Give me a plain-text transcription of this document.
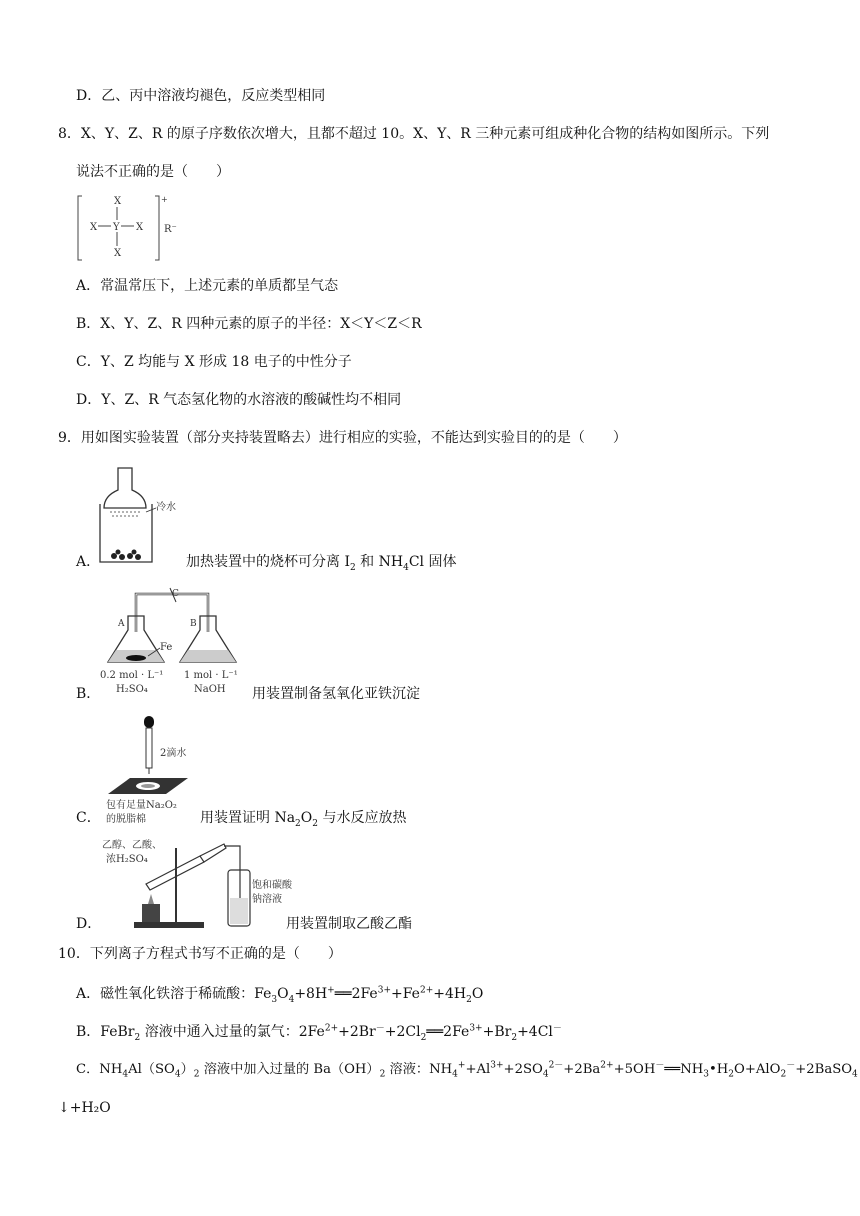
D．乙、丙中溶液均褪色，反应类型相同
8．X、Y、Z、R 的原子序数依次增大，且都不超过 10。X、Y、R 三种元素可组成种化合物的结构如图所示。下列
说法不正确的是（　　）
X
X Y X
X
+
R⁻
A．常温常压下，上述元素的单质都呈气态
B．X、Y、Z、R 四种元素的原子的半径：X＜Y＜Z＜R
C．Y、Z 均能与 X 形成 18 电子的中性分子
D．Y、Z、R 气态氢化物的水溶液的酸碱性均不相同
9．用如图实验装置（部分夹持装置略去）进行相应的实验，不能达到实验目的的是（　　）
冷水
A．	加热装置中的烧杯可分离 $I_2$ 和 $NH_4Cl$ 固体
C
A
Fe
B
0.2 mol · L⁻¹
H₂SO₄
1 mol · L⁻¹
NaOH
B．	用装置制备氢氧化亚铁沉淀
2滴水
包有足量Na₂O₂
的脱脂棉
C．	用装置证明 $Na_2O_2$ 与水反应放热
乙醇、乙酸、
浓H₂SO₄
饱和碳酸
钠溶液
D．	用装置制取乙酸乙酯
10．下列离子方程式书写不正确的是（　　）
A．磁性氧化铁溶于稀硫酸：$Fe_3O_4+8H^+══2Fe^{3+}+Fe^{2+}+4H_2O$
B．FeBr$_2$ 溶液中通入过量的氯气：$2Fe^{2+}+2Br^-+2Cl_2══2Fe^{3+}+Br_2+4Cl^-$
C．$NH_4Al(SO_4)_2$ 溶液中加入过量的 $Ba(OH)_2$ 溶液：$NH_4^++Al^{3+}+2SO_4^{2-}+2Ba^{2+}+5OH^-══NH_3•H_2O+AlO_2^-+2BaSO_4$
↓+H₂O
